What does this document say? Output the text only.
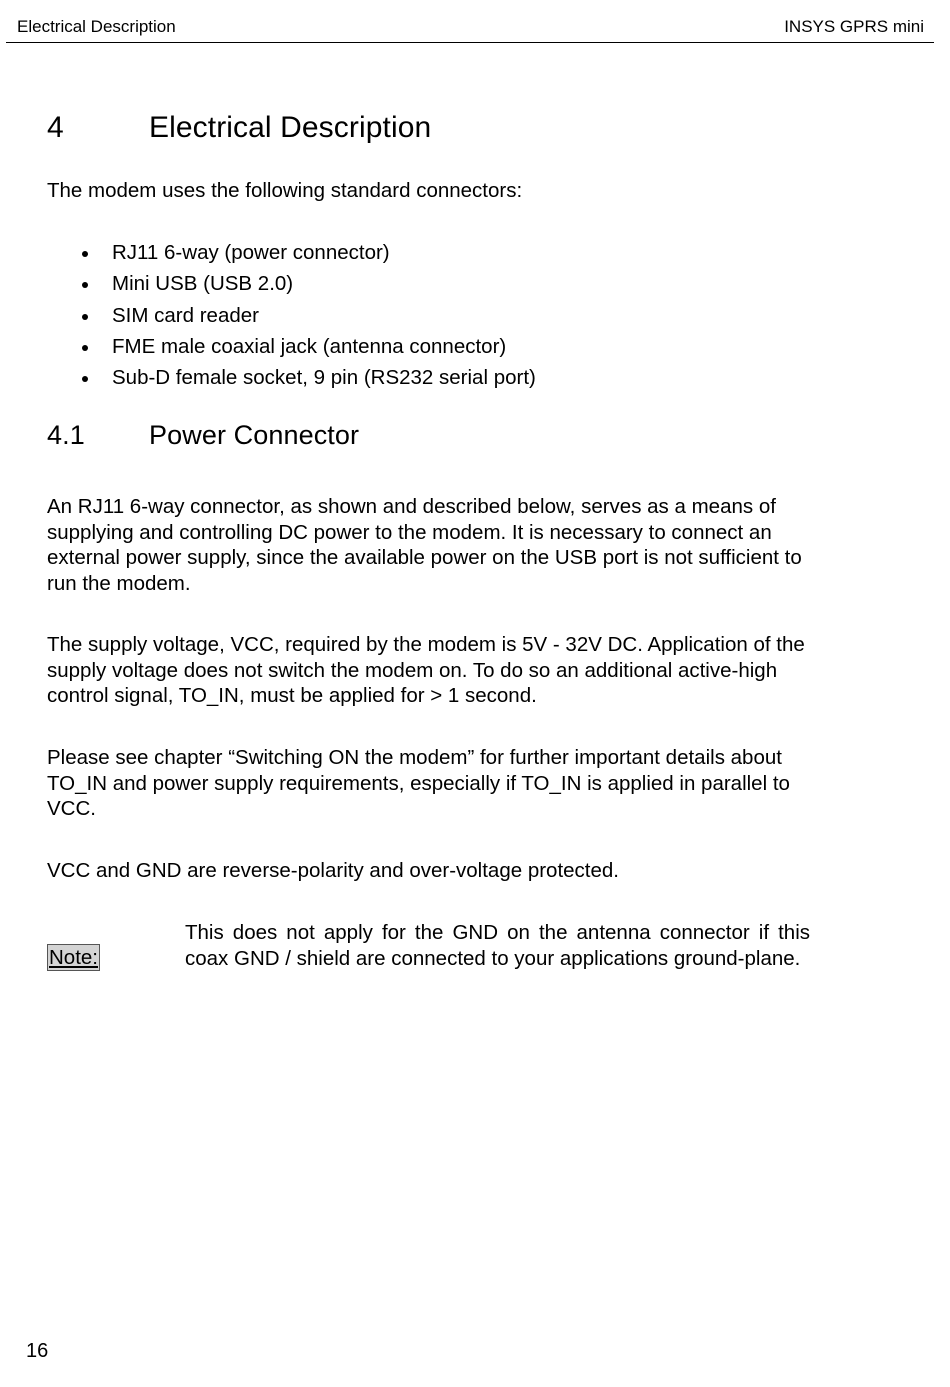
Electrical Description	INSYS GPRS mini
4	Electrical Description

The modem uses the following standard connectors:

RJ11 6-way (power connector)
Mini USB (USB 2.0)
SIM card reader
FME male coaxial jack (antenna connector)
Sub-D female socket, 9 pin (RS232 serial port)
4.1 Power Connector

An RJ11 6-way connector, as shown and described below, serves as a means of supplying and controlling DC power to the modem. It is necessary to connect an external power supply, since the available power on the USB port is not sufficient to run the modem.

The supply voltage, VCC, required by the modem is 5V - 32V DC. Application of the supply voltage does not switch the modem on. To do so an additional active-high control signal, TO_IN, must be applied for > 1 second.

Please see chapter “Switching ON the modem” for further important details about TO_IN and power supply requirements, especially if TO_IN is applied in parallel to VCC.

VCC and GND are reverse-polarity and over-voltage protected.

Note:

This does not apply for the GND on the antenna connector if this coax GND / shield are connected to your applications ground-plane.

16
